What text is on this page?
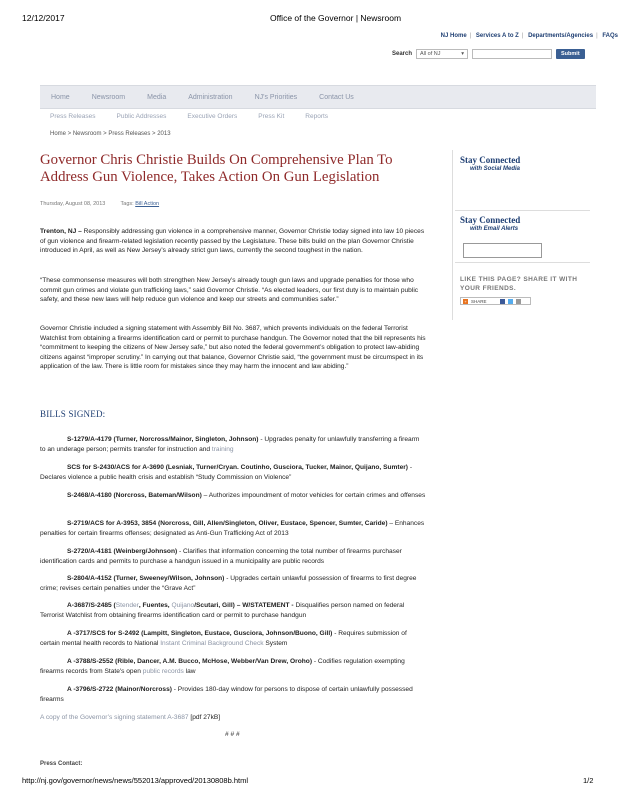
12/12/2017	Office of the Governor | Newsroom
NJ Home | Services A to Z | Departments/Agencies | FAQs
Search All of NJ	▾	Submit
Home	Newsroom	Media	Administration	NJ's Priorities	Contact Us
Press Releases	Public Addresses	Executive Orders	Press Kit	Reports
Home > Newsroom > Press Releases > 2013
Governor Chris Christie Builds On Comprehensive Plan To Address Gun Violence, Takes Action On Gun Legislation
Thursday, August 08, 2013	Tags: Bill Action
Trenton, NJ – Responsibly addressing gun violence in a comprehensive manner, Governor Christie today signed into law 10 pieces of gun violence and firearm-related legislation recently passed by the Legislature. These bills build on the plan Governor Christie introduced in April, as well as New Jersey’s already strict gun laws, currently the second toughest in the nation.
“These commonsense measures will both strengthen New Jersey’s already tough gun laws and upgrade penalties for those who commit gun crimes and violate gun trafficking laws,” said Governor Christie. “As elected leaders, our first duty is to maintain public safety, and these new laws will help reduce gun violence and keep our streets and communities safer.”
Governor Christie included a signing statement with Assembly Bill No. 3687, which prevents individuals on the federal Terrorist Watchlist from obtaining a firearms identification card or permit to purchase handgun. The Governor noted that the bill represents his “commitment to keeping the citizens of New Jersey safe,” but also noted the federal government’s obligation to protect law-abiding citizens against “improper scrutiny.” In carrying out that balance, Governor Christie said, “the government must be circumspect in its application of the law. There is little room for mistakes since they may harm the innocent and law abiding.”
BILLS SIGNED:
S-1279/A-4179 (Turner, Norcross/Mainor, Singleton, Johnson) - Upgrades penalty for unlawfully transferring a firearm to an underage person; permits transfer for instruction and training
SCS for S-2430/ACS for A-3690 (Lesniak, Turner/Cryan. Coutinho, Gusciora, Tucker, Mainor, Quijano, Sumter) - Declares violence a public health crisis and establish “Study Commission on Violence”
S-2468/A-4180 (Norcross, Bateman/Wilson) – Authorizes impoundment of motor vehicles for certain crimes and offenses
S-2719/ACS for A-3953, 3854 (Norcross, Gill, Allen/Singleton, Oliver, Eustace, Spencer, Sumter, Caride) – Enhances penalties for certain firearms offenses; designated as Anti-Gun Trafficking Act of 2013
S-2720/A-4181 (Weinberg/Johnson) - Clarifies that information concerning the total number of firearms purchaser identification cards and permits to purchase a handgun issued in a municipality are public records
S-2804/A-4152 (Turner, Sweeney/Wilson, Johnson) - Upgrades certain unlawful possession of firearms to first degree crime; revises certain penalties under the “Grave Act”
A-3687/S-2485 (Stender, Fuentes, Quijano/Scutari, Gill) – W/STATEMENT - Disqualifies person named on federal Terrorist Watchlist from obtaining firearms identification card or permit to purchase handgun
A -3717/SCS for S-2492 (Lampitt, Singleton, Eustace, Gusciora, Johnson/Buono, Gill) - Requires submission of certain mental health records to National Instant Criminal Background Check System
A -3788/S-2552 (Rible, Dancer, A.M. Bucco, McHose, Webber/Van Drew, Oroho) - Codifies regulation exempting firearms records from State's open public records law
A -3796/S-2722 (Mainor/Norcross) - Provides 180-day window for persons to dispose of certain unlawfully possessed firearms
A copy of the Governor’s signing statement A-3687 [pdf 27kB]
# # #
Press Contact:
Stay Connected
with Social Media
Stay Connected
with Email Alerts
LIKE THIS PAGE? SHARE IT WITH YOUR FRIENDS.
+ SHARE
http://nj.gov/governor/news/news/552013/approved/20130808b.html	1/2
